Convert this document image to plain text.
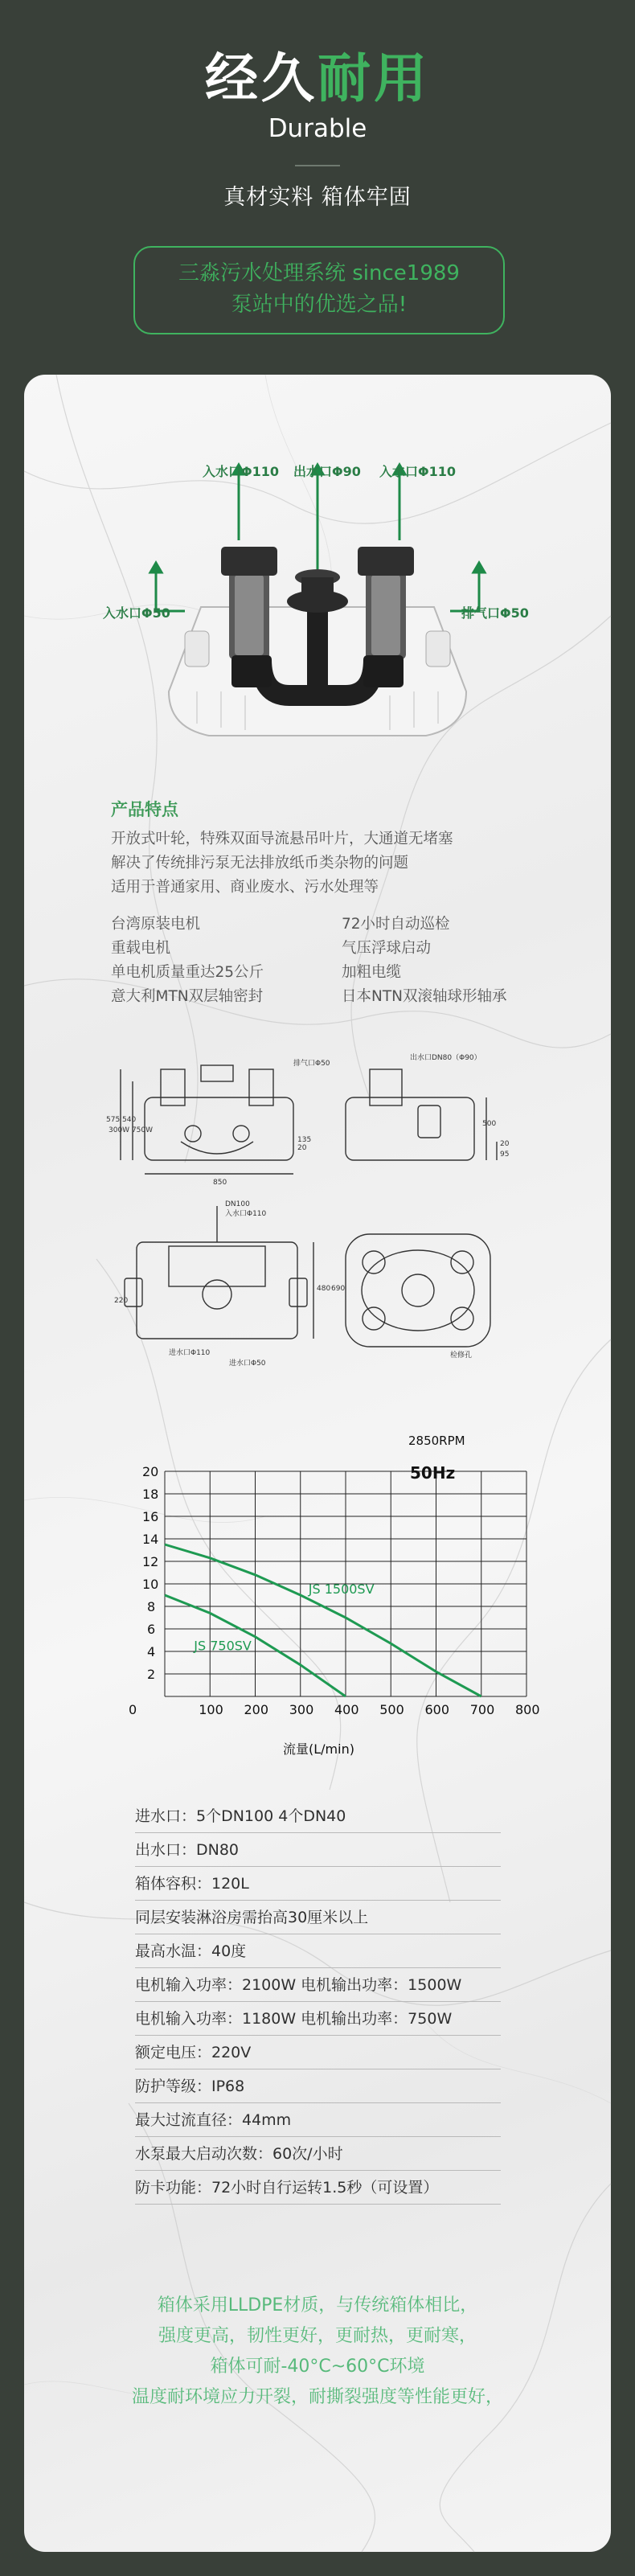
经久耐用
Durable
真材实料 箱体牢固
三淼污水处理系统 since1989
泵站中的优选之品!
入水口Φ110 出水口Φ90 入水口Φ110
入水口Φ50	排气口Φ50
产品特点
开放式叶轮，特殊双面导流悬吊叶片，大通道无堵塞
解决了传统排污泵无法排放纸币类杂物的问题
适用于普通家用、商业废水、污水处理等
台湾原装电机
重载电机
单电机质量重达25公斤
意大利MTN双层轴密封
72小时自动巡检
气压浮球启动
加粗电缆
日本NTN双滚轴球形轴承
排气口Φ50
出水口DN80（Φ90）
575 540
300W 750W
850
135
20
500
20
95
DN100
入水口Φ110
220
480 690
进水口Φ110
进水口Φ50
检修孔
JS 1500SV
JS 750SV
0	100 200 300 400 500 600 700 800
20
18
16
14
12
10
8
6
4
2
2850RPM
50Hz
流量(L/min)
进水口：5个DN100 4个DN40
出水口：DN80
箱体容积：120L
同层安装淋浴房需抬高30厘米以上
最高水温：40度
电机输入功率：2100W 电机输出功率：1500W
电机输入功率：1180W 电机输出功率：750W
额定电压：220V
防护等级：IP68
最大过流直径：44mm
水泵最大启动次数：60次/小时
防卡功能：72小时自行运转1.5秒（可设置）
箱体采用LLDPE材质，与传统箱体相比，
强度更高，韧性更好，更耐热，更耐寒，
箱体可耐-40°C~60°C环境
温度耐环境应力开裂，耐撕裂强度等性能更好，
